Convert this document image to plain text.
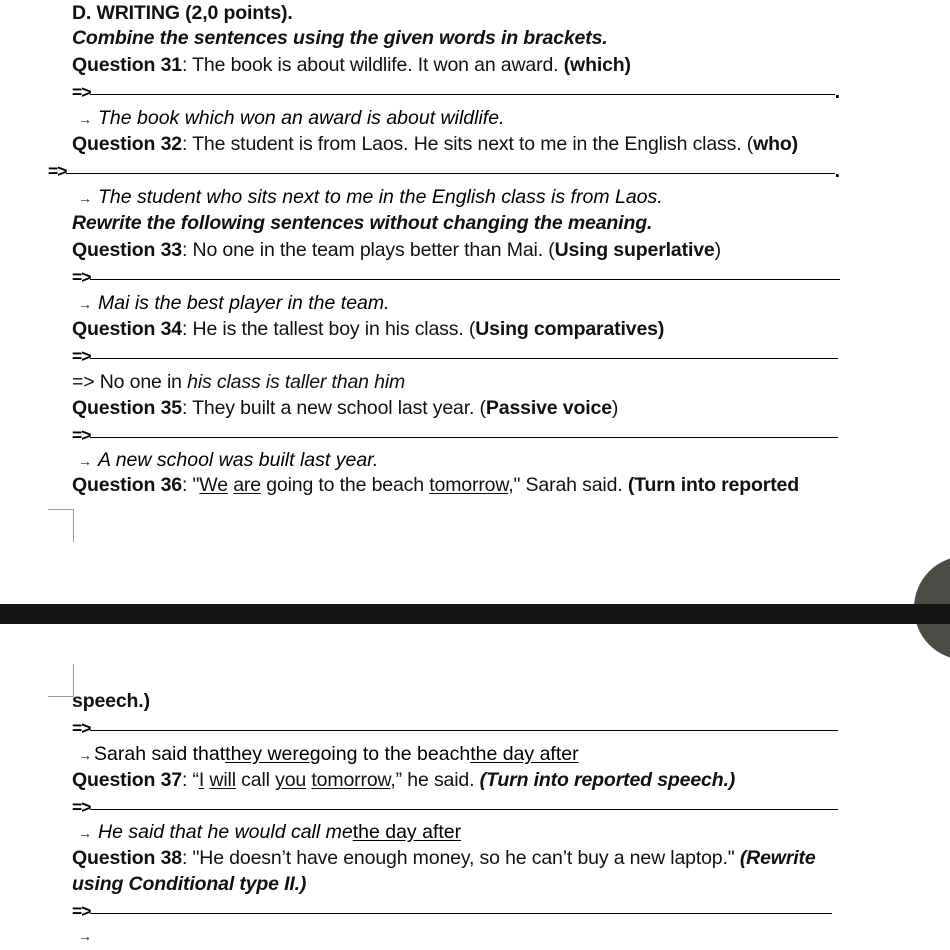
D. WRITING (2,0 points).
Combine the sentences using the given words in brackets.
Question 31: The book is about wildlife. It won an award. (which)
=>	.
→ The book which won an award is about wildlife.
Question 32: The student is from Laos. He sits next to me in the English class. (who)
=>	.
→ The student who sits next to me in the English class is from Laos.
Rewrite the following sentences without changing the meaning.
Question 33: No one in the team plays better than Mai. (Using superlative)
=>
→ Mai is the best player in the team.
Question 34: He is the tallest boy in his class. (Using comparatives)
=>
=> No one in his class is taller than him
Question 35: They built a new school last year. (Passive voice)
=>
→ A new school was built last year.
Question 36: "We are going to the beach tomorrow," Sarah said. (Turn into reported
speech.)
=>
→ Sarah said that they were going to the beach the day after
Question 37: “I will call you tomorrow,” he said. (Turn into reported speech.)
=>
→ He said that he would call me the day after
Question 38: "He doesn’t have enough money, so he can’t buy a new laptop." (Rewrite
using Conditional type II.)
=>
→
